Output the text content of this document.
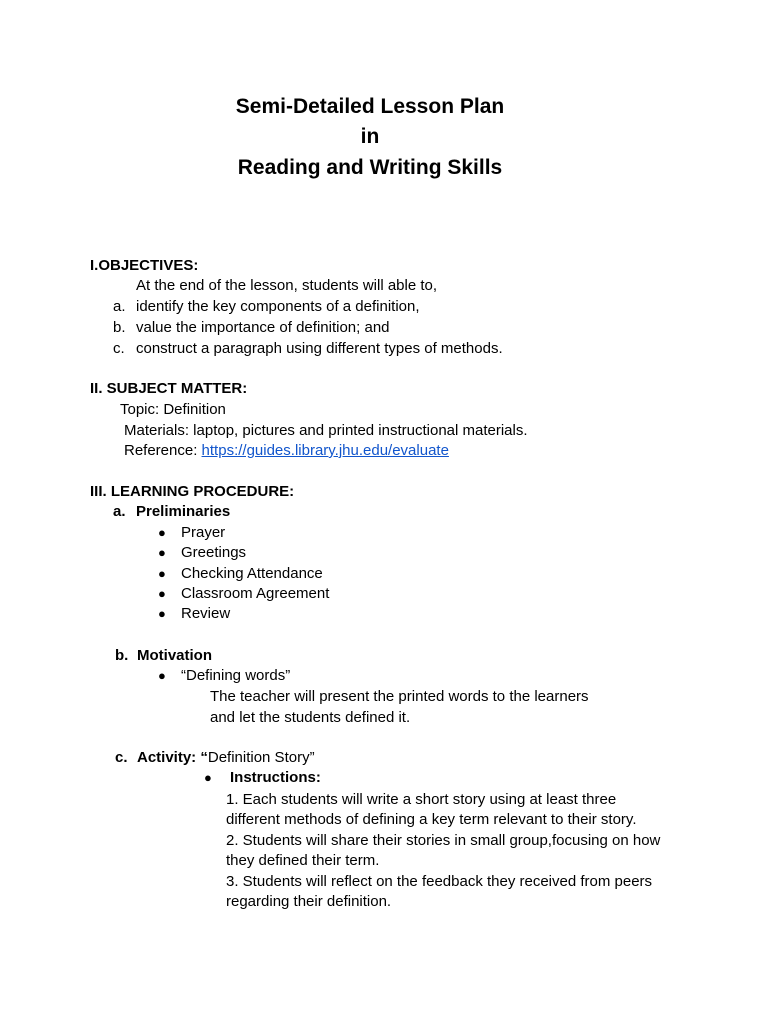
Semi-Detailed Lesson Plan
in
Reading and Writing Skills
I.OBJECTIVES:
At the end of the lesson, students will able to,
a. identify the key components of a definition,
b. value the importance of definition; and
c. construct a paragraph using different types of methods.
II. SUBJECT MATTER:
Topic: Definition
Materials: laptop, pictures and printed instructional materials.
Reference: https://guides.library.jhu.edu/evaluate
III. LEARNING PROCEDURE:
a. Preliminaries
● Prayer
● Greetings
● Checking Attendance
● Classroom Agreement
● Review
b. Motivation
● “Defining words”
The teacher will present the printed words to the learners
and let the students defined it.
c. Activity: “Definition Story”
● Instructions:
1. Each students will write a short story using at least three
different methods of defining a key term relevant to their story.
2. Students will share their stories in small group,focusing on how
they defined their term.
3. Students will reflect on the feedback they received from peers
regarding their definition.
